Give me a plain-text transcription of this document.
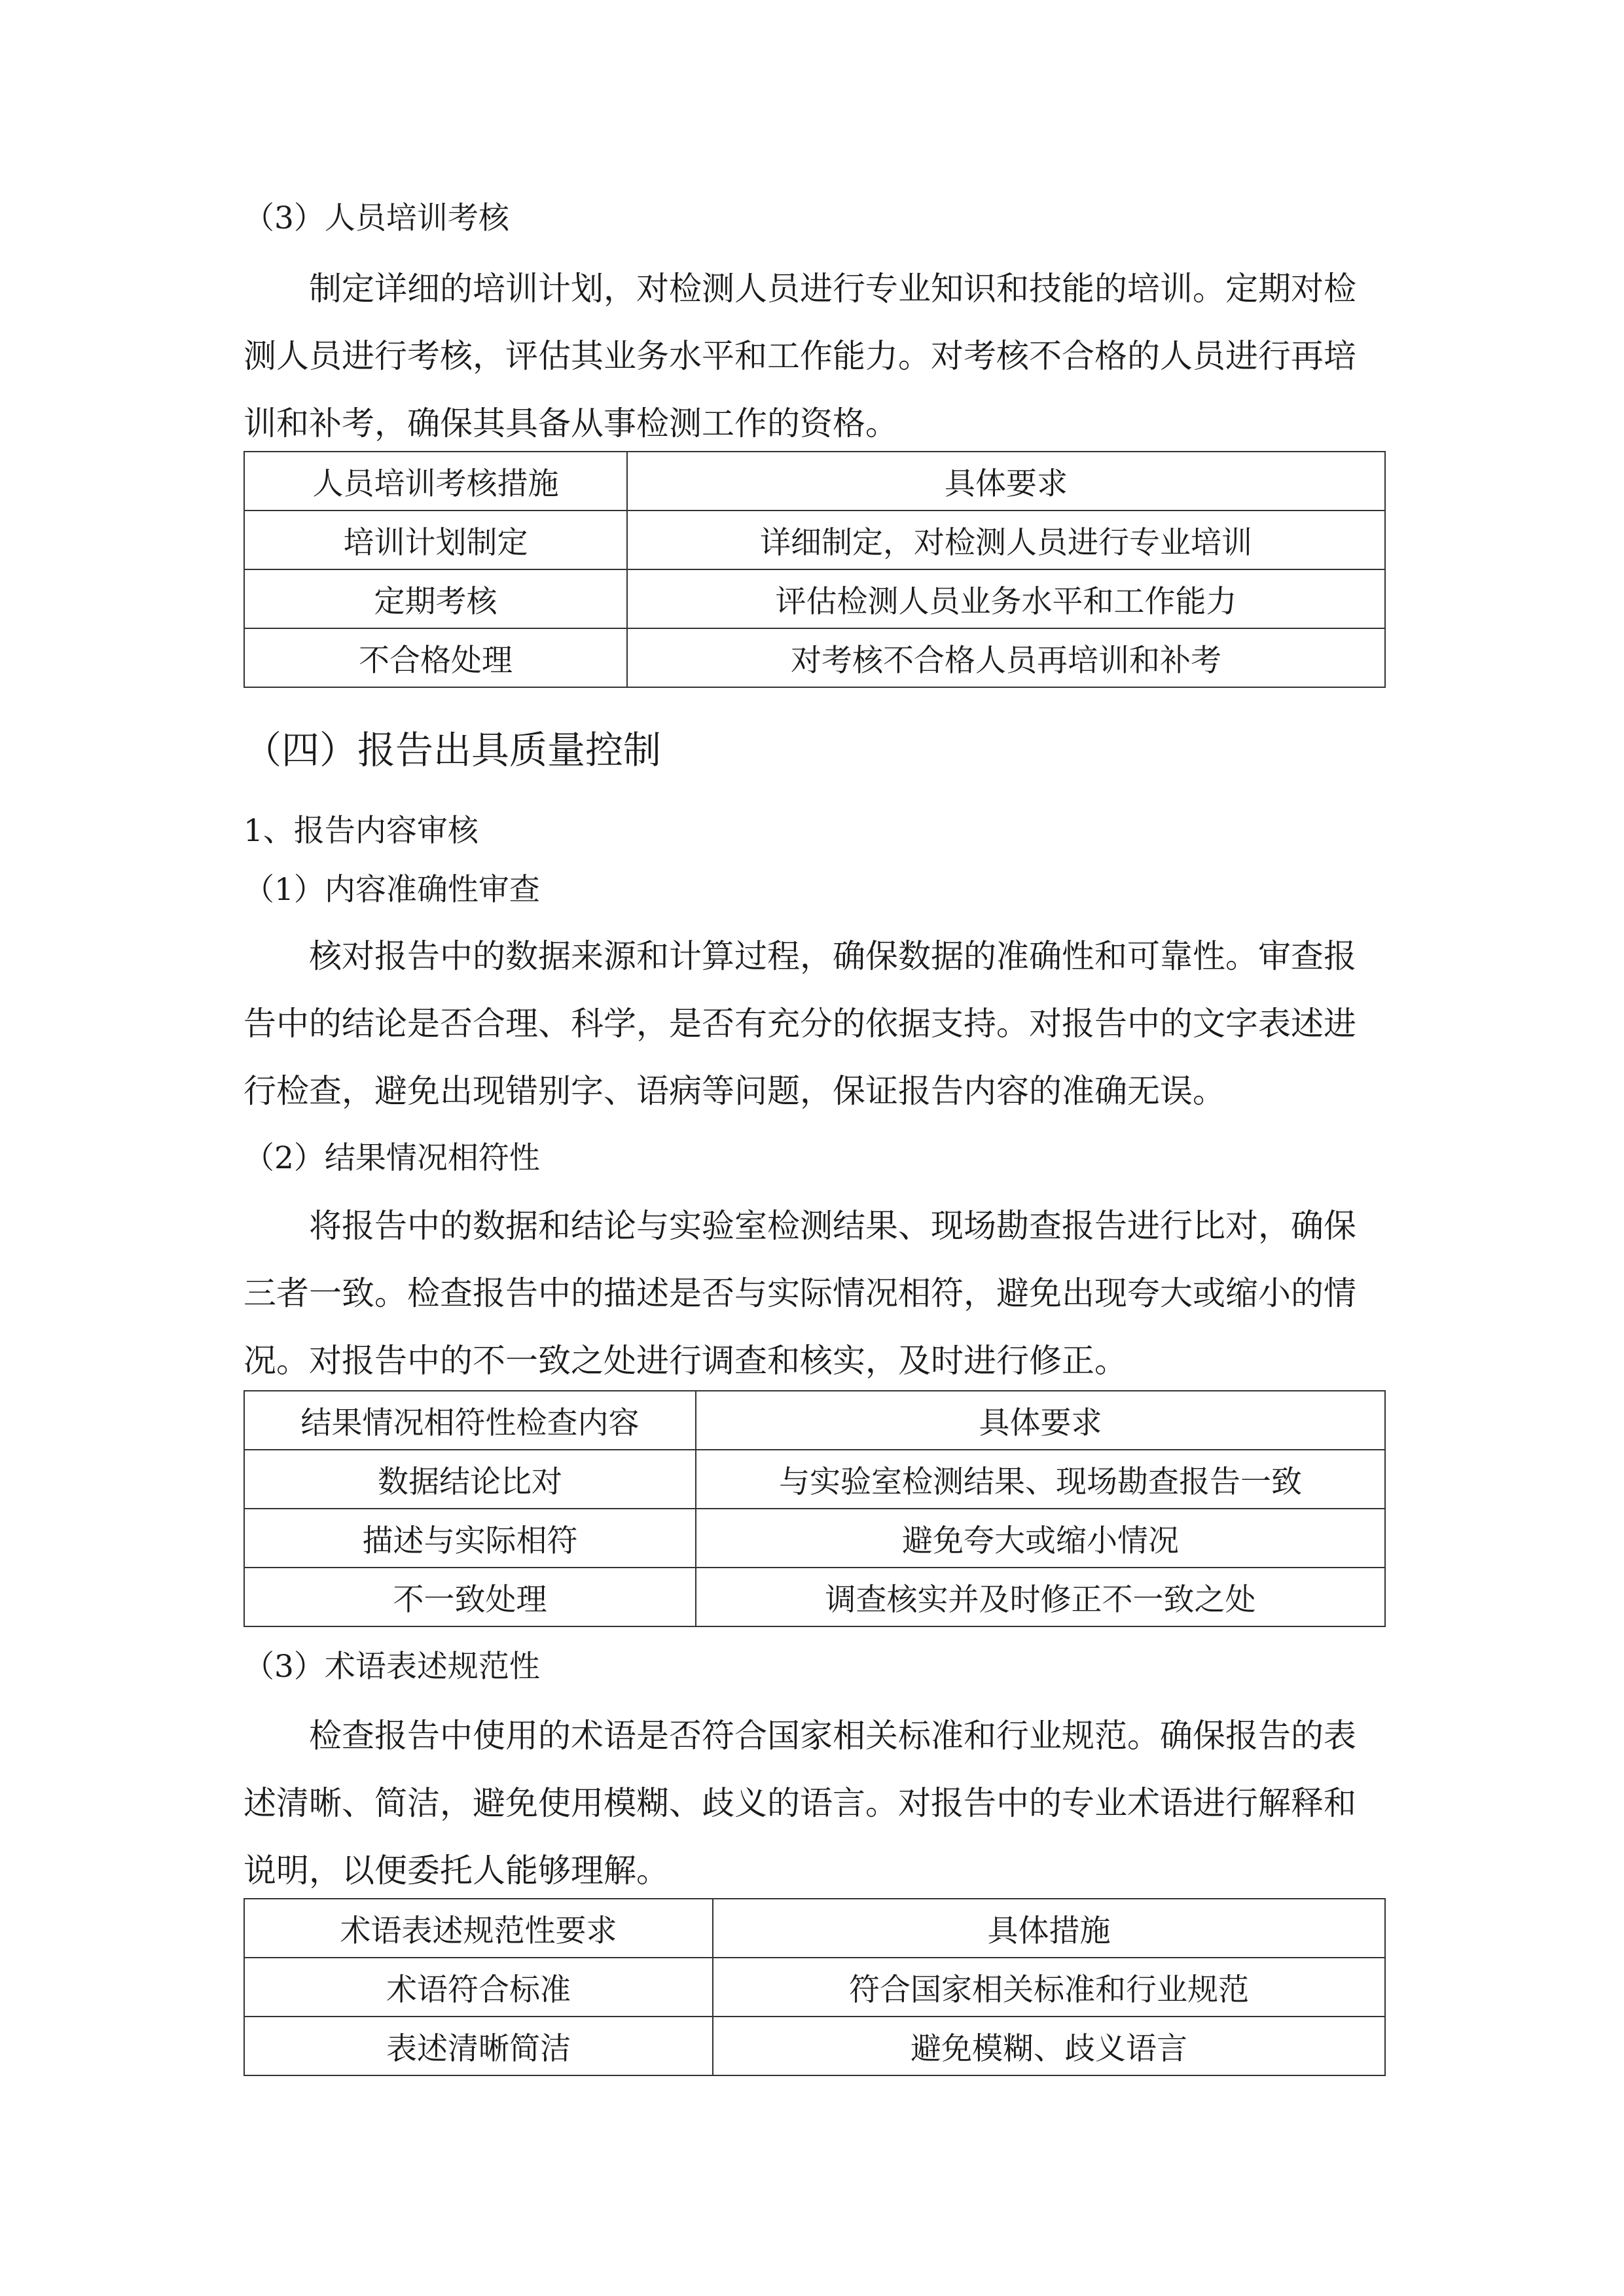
（3）人员培训考核
制定详细的培训计划，对检测人员进行专业知识和技能的培训。定期对检
测人员进行考核，评估其业务水平和工作能力。对考核不合格的人员进行再培
训和补考，确保其具备从事检测工作的资格。
人员培训考核措施	具体要求
培训计划制定	详细制定，对检测人员进行专业培训
定期考核	评估检测人员业务水平和工作能力
不合格处理	对考核不合格人员再培训和补考
（四）报告出具质量控制
1、报告内容审核
（1）内容准确性审查
核对报告中的数据来源和计算过程，确保数据的准确性和可靠性。审查报
告中的结论是否合理、科学，是否有充分的依据支持。对报告中的文字表述进
行检查，避免出现错别字、语病等问题，保证报告内容的准确无误。
（2）结果情况相符性
将报告中的数据和结论与实验室检测结果、现场勘查报告进行比对，确保
三者一致。检查报告中的描述是否与实际情况相符，避免出现夸大或缩小的情
况。对报告中的不一致之处进行调查和核实，及时进行修正。
结果情况相符性检查内容	具体要求
数据结论比对	与实验室检测结果、现场勘查报告一致
描述与实际相符	避免夸大或缩小情况
不一致处理	调查核实并及时修正不一致之处
（3）术语表述规范性
检查报告中使用的术语是否符合国家相关标准和行业规范。确保报告的表
述清晰、简洁，避免使用模糊、歧义的语言。对报告中的专业术语进行解释和
说明，以便委托人能够理解。
术语表述规范性要求	具体措施
术语符合标准	符合国家相关标准和行业规范
表述清晰简洁	避免模糊、歧义语言
